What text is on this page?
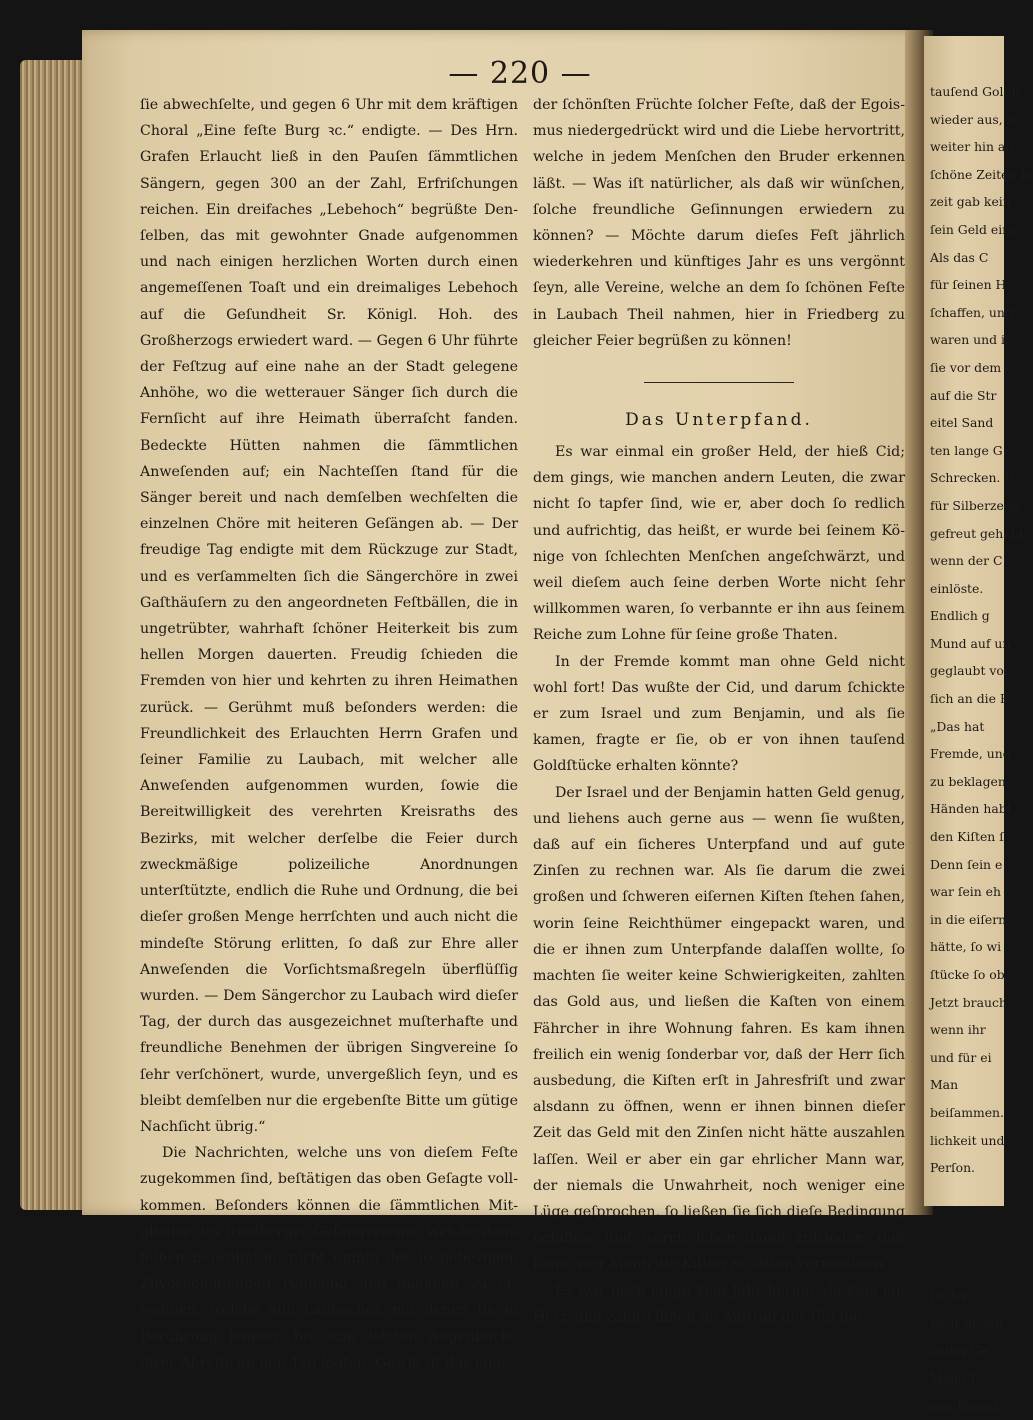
— 220 —

ſie abwechſelte, und gegen 6 Uhr mit dem kräftigen Choral „Eine feſte Burg ꝛc.“ endigte. — Des Hrn. Grafen Erlaucht ließ in den Pauſen ſämmtlichen Sängern, gegen 300 an der Zahl, Erfriſchungen reichen. Ein dreifaches „Lebehoch“ begrüßte Denſelben, das mit gewohnter Gnade aufgenommen und nach einigen herzlichen Worten durch einen angemeſſenen Toaſt und ein dreimaliges Lebehoch auf die Geſundheit Sr. Königl. Hoh. des Großherzogs erwiedert ward. — Gegen 6 Uhr führte der Feſtzug auf eine nahe an der Stadt gelegene Anhöhe, wo die wetterauer Sänger ſich durch die Fernſicht auf ihre Heimath überraſcht fanden. Bedeckte Hütten nahmen die ſämmtlichen Anweſenden auf; ein Nachteſſen ſtand für die Sänger bereit und nach demſelben wechſelten die einzelnen Chöre mit heiteren Geſängen ab. — Der freudige Tag endigte mit dem Rückzuge zur Stadt, und es verſammelten ſich die Sängerchöre in zwei Gaſthäuſern zu den angeordneten Feſtbällen, die in ungetrübter, wahrhaft ſchöner Heiterkeit bis zum hellen Morgen dauerten. Freudig ſchieden die Fremden von hier und kehrten zu ihren Heimathen zurück. — Gerühmt muß beſonders werden: die Freundlichkeit des Erlauchten Herrn Grafen und ſeiner Familie zu Laubach, mit welcher alle Anweſenden aufgenommen wurden, ſowie die Bereitwilligkeit des verehrten Kreisraths des Bezirks, mit welcher derſelbe die Feier durch zweckmäßige polizeiliche Anordnungen unterſtützte, endlich die Ruhe und Ordnung, die bei dieſer großen Menge herrſchten und auch nicht die mindeſte Störung erlitten, ſo daß zur Ehre aller Anweſenden die Vorſichtsmaßregeln überflüſſig wurden. — Dem Sängerchor zu Laubach wird dieſer Tag, der durch das ausgezeichnet muſterhafte und freundliche Benehmen der übrigen Singvereine ſo ſehr verſchönert, wurde, unvergeßlich ſeyn, und es bleibt demſelben nur die ergebenſte Bitte um gütige Nachſicht übrig.“

Die Nachrichten, welche uns von dieſem Feſte zugekommen ſind, beſtätigen das oben Geſagte vollkommen. Beſonders können die ſämmtlichen Mitglieder des friedberger Geſangvereins, welche demſelben beiwohnten, nicht umhin der ſo liebevollen Zuvorkommenheit rühmend und dankend zu erwähnen, welche alle Laubacher, mit denen ſie in Berührung kamen, bis zum letzten Augenblicke ihrer Abreiſe an den Tag legten. Gewiß iſt das eine

der ſchönſten Früchte ſolcher Feſte, daß der Egoismus niedergedrückt wird und die Liebe hervortritt, welche in jedem Menſchen den Bruder erkennen läßt. — Was iſt natürlicher, als daß wir wünſchen, ſolche freundliche Geſinnungen erwiedern zu können? — Möchte darum dieſes Feſt jährlich wiederkehren und künftiges Jahr es uns vergönnt ſeyn, alle Vereine, welche an dem ſo ſchönen Feſte in Laubach Theil nahmen, hier in Friedberg zu gleicher Feier begrüßen zu können!

Das Unterpfand.

Es war einmal ein großer Held, der hieß Cid; dem gings, wie manchen andern Leuten, die zwar nicht ſo tapfer ſind, wie er, aber doch ſo redlich und aufrichtig, das heißt, er wurde bei ſeinem Könige von ſchlechten Menſchen angeſchwärzt, und weil dieſem auch ſeine derben Worte nicht ſehr willkommen waren, ſo verbannte er ihn aus ſeinem Reiche zum Lohne für ſeine große Thaten.

In der Fremde kommt man ohne Geld nicht wohl fort! Das wußte der Cid, und darum ſchickte er zum Israel und zum Benjamin, und als ſie kamen, fragte er ſie, ob er von ihnen tauſend Goldſtücke erhalten könnte?

Der Israel und der Benjamin hatten Geld genug, und liehens auch gerne aus — wenn ſie wußten, daß auf ein ſicheres Unterpfand und auf gute Zinſen zu rechnen war. Als ſie darum die zwei großen und ſchweren eiſernen Kiſten ſtehen ſahen, worin ſeine Reichthümer eingepackt waren, und die er ihnen zum Unterpfande dalaſſen wollte, ſo machten ſie weiter keine Schwierigkeiten, zahlten das Gold aus, und ließen die Kaſten von einem Fährcher in ihre Wohnung fahren. Es kam ihnen freilich ein wenig ſonderbar vor, daß der Herr ſich ausbedung, die Kiſten erſt in Jahresfriſt und zwar alsdann zu öffnen, wenn er ihnen binnen dieſer Zeit das Geld mit den Zinſen nicht hätte auszahlen laſſen. Weil er aber ein gar ehrlicher Mann war, der niemals die Unwahrheit, noch weniger eine Lüge geſprochen, ſo ließen ſie ſich dieſe Bedingung gefallen, und waren ſchon damit zufrieden, daß kaum vier Mann die Kiſten zu lüften vermochten.

Es war noch lange kein Jahr herum, da kam ein Herr, und zahlte ihnen im Auftrag des Cid die

tauſend Goldſt
wieder aus, u
weiter hin als
ſchöne Zeiten fü
zeit gab kein
ſein Geld eine
Als das C
für ſeinen H
ſchaffen, und
waren und il
ſie vor dem
auf die Str
eitel Sand
ten lange G
Schrecken. D
für Silberzeug
gefreut gehabt
wenn der C
einlöste.
Endlich g
Mund auf un
geglaubt von
ſich an die B
„Das hat
Fremde, und
zu beklagen,
Händen habt.
den Kiſten ſ
Denn ſein e
war ſein eh
in die eiſern
hätte, ſo wi
ſtücke ſo ob
Jetzt brauch
wenn ihr
und für ei
Man
beiſammen.
lichkeit und
Perſon.
In der
zwar gegen
in der Ge
Mond-F
nen-Regen
